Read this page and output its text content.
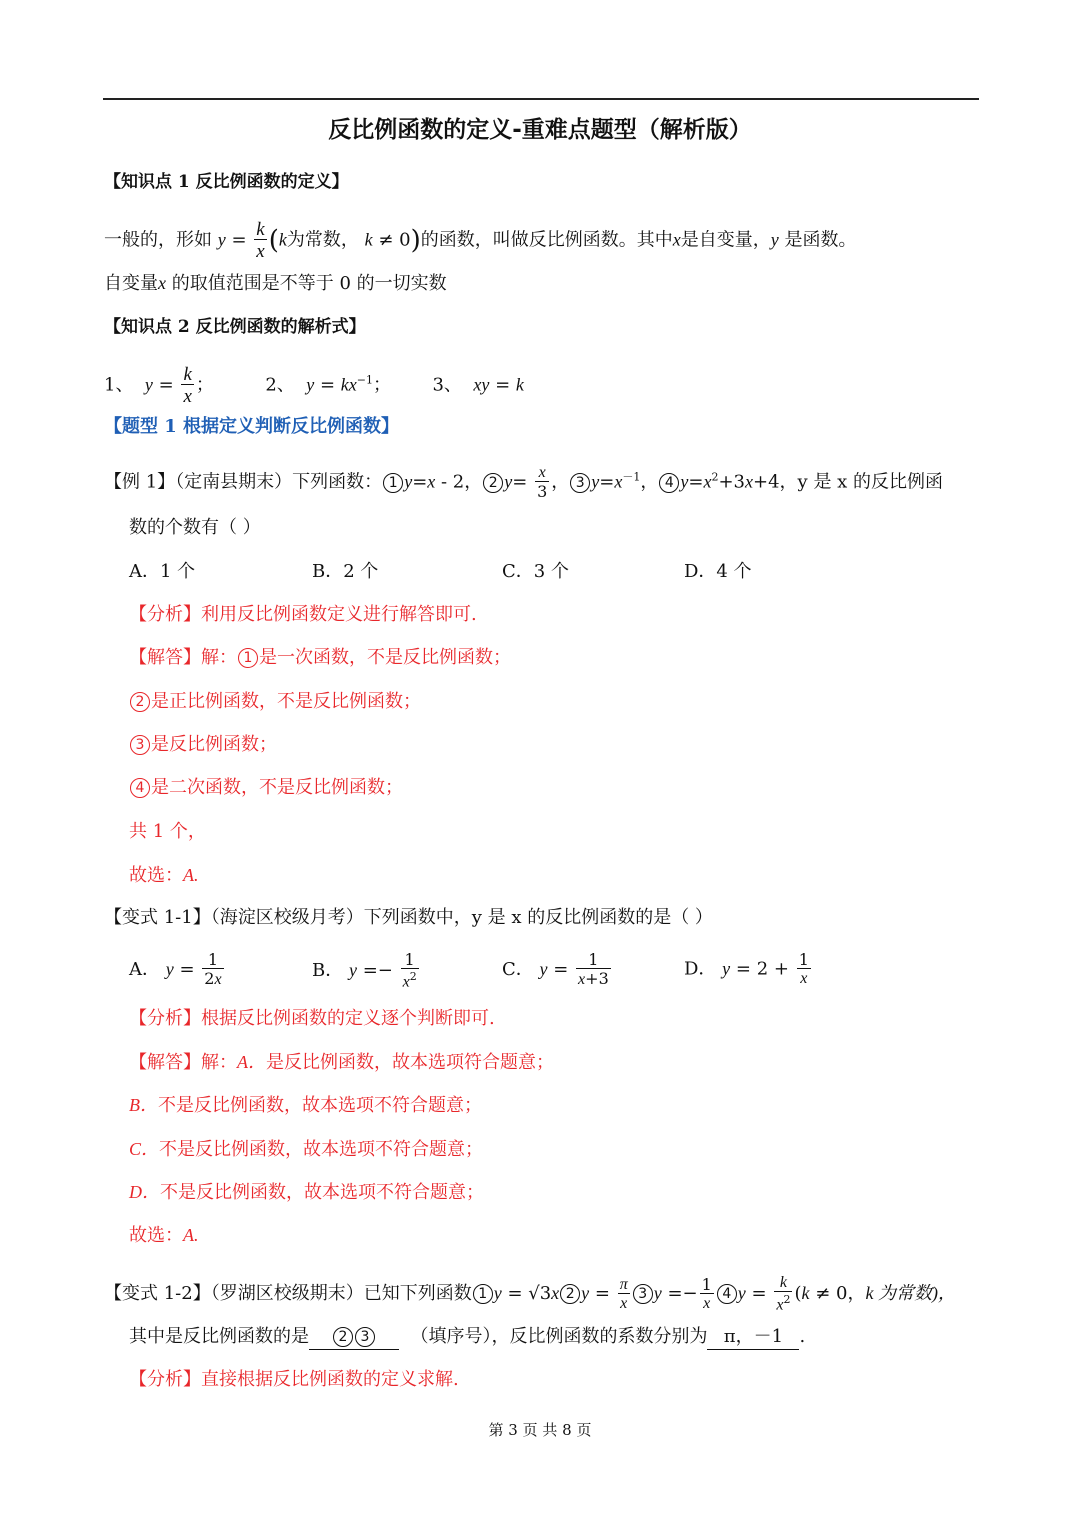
反比例函数的定义-重难点题型（解析版）
【知识点 1 反比例函数的定义】
一般的，形如 $y = \frac{k}{x} (k$为常数， k ≠ 0)的函数，叫做反比例函数。其中x是自变量，y 是函数。
自变量x 的取值范围是不等于 0 的一切实数
【知识点 2 反比例函数的解析式】
1、 $y = \frac{k}{x}$ ；	2、 $y = kx^{-1}$；  3、 xy = k
【题型 1 根据定义判断反比例函数】
【例 1】（定南县期末）下列函数： 1 y=x - 2， 2 $y= \frac{x}{3}$ ， 3 $y=x^{-1}$， 4 $y=x^2+3x+4$，y 是 x 的反比例函
数的个数有（ ）
A．1 个	B．2 个	C．3 个	D．4 个
【分析】利用反比例函数定义进行解答即可.
【解答】解： 1 是一次函数，不是反比例函数；
2 是正比例函数，不是反比例函数；
3 是反比例函数；
4 是二次函数，不是反比例函数；
共 1 个，
故选：A.
【变式 1-1】（海淀区校级月考）下列函数中，y 是 x 的反比例函数的是（ ）
A． $y = \frac{1}{2x}$	B． $y =- \frac{1}{x^2}$	C． $y = \frac{1}{x+3}$	D． $y = 2 + \frac{1}{x}$
【分析】根据反比例函数的定义逐个判断即可.
【解答】解：A．是反比例函数，故本选项符合题意；
B．不是反比例函数，故本选项不符合题意；
C．不是反比例函数，故本选项不符合题意；
D．不是反比例函数，故本选项不符合题意；
故选：A.
【变式 1-2】（罗湖区校级期末）已知下列函数 1 y = √3x 2 $y = \frac{\pi}{x} 3$ $y =- \frac{1}{x} 4$ $y = \frac{k}{x^2} (k \ne 0$，k 为常数)，
其中是反比例函数的是 2 3 （填序号），反比例函数的系数分别为 π，－1 .
【分析】直接根据反比例函数的定义求解.
第 3 页 共 8 页
